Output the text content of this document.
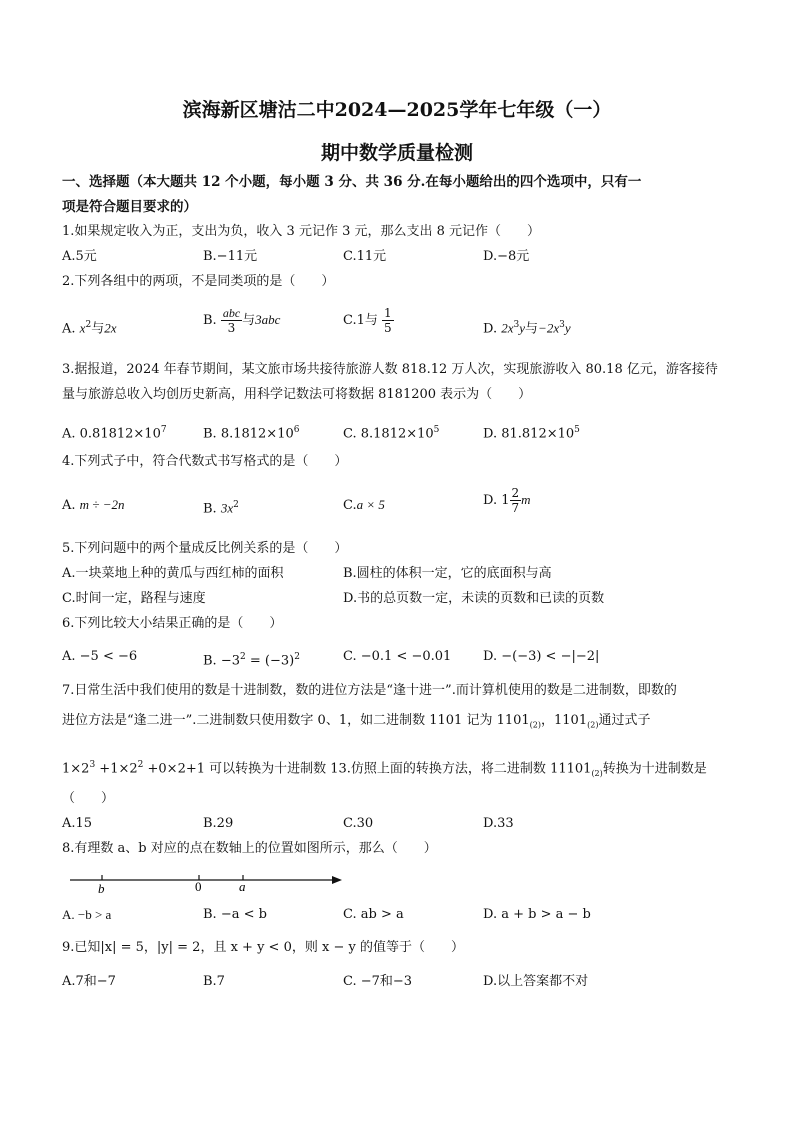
滨海新区塘沽二中2024—2025学年七年级（一）
期中数学质量检测
一、选择题（本大题共 12 个小题，每小题 3 分、共 36 分.在每小题给出的四个选项中，只有一
项是符合题目要求的）
1.如果规定收入为正，支出为负，收入 3 元记作 3 元，那么支出 8 元记作（　　）
A.5元	B.−11元	C.11元	D.−8元
2.下列各组中的两项，不是同类项的是（　　）
A. $x^2$与2x	B. $\frac{\text{abc}}{3}$ 与3abc	C.1与 $\frac{1}{5}$	D. $2x^3y$与$-2x^3y$
3.据报道，2024 年春节期间，某文旅市场共接待旅游人数 818.12 万人次，实现旅游收入 80.18 亿元，游客接待
量与旅游总收入均创历史新高，用科学记数法可将数据 8181200 表示为（　　）
A. $0.81812\times 10^7$	B. $8.1812\times 10^6$	C. $8.1812\times 10^5$	D. $81.812\times 10^5$
4.下列式子中，符合代数式书写格式的是（　　）
A. m ÷ −2n	B. $3x^2$	C.a × 5	D. $1 \frac{2}{7}$ m
5.下列问题中的两个量成反比例关系的是（　　）
A.一块菜地上种的黄瓜与西红柿的面积	B.圆柱的体积一定，它的底面积与高
C.时间一定，路程与速度	D.书的总页数一定，未读的页数和已读的页数
6.下列比较大小结果正确的是（　　）
A. −5 < −6	B. $-3^2 = (-3)^2$	C. −0.1 < −0.01 D. −(−3) < −|−2|
7.日常生活中我们使用的数是十进制数，数的进位方法是“逢十进一”.而计算机使用的数是二进制数，即数的
进位方法是“逢二进一”.二进制数只使用数字 0、1，如二进制数 1101 记为 $1101_{(2)}$，$1101_{(2)}$通过式子
$1\times 2^3 +1\times 2^2 +0\times 2+1$ 可以转换为十进制数 13.仿照上面的转换方法，将二进制数 $11101_{(2)}$转换为十进制数是
（　　）
A.15	B.29	C.30	D.33
8.有理数 a、b 对应的点在数轴上的位置如图所示，那么（　　）
b	0	a
A. −b > a	B. −a < b	C. ab > a	D. a + b > a − b
9.已知|x| = 5，|y| = 2，且 x + y < 0，则 x − y 的值等于（　　）
A.7和−7	B.7	C. −7和−3	D.以上答案都不对
